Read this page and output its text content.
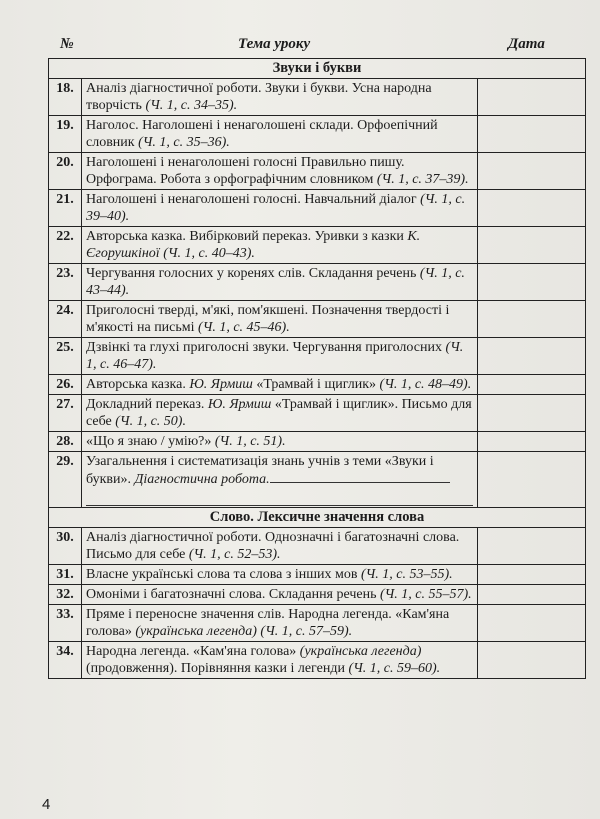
№	Тема уроку	Дата
Звуки і букви		
18.	Аналіз діагностичної роботи. Звуки і букви. Усна народна творчість (Ч. 1, с. 34–35).	
19.	Наголос. Наголошені і ненаголошені склади. Орфоепічний словник (Ч. 1, с. 35–36).	
20.	Наголошені і ненаголошені голосні Правильно пишу. Орфограма. Робота з орфографічним словником (Ч. 1, с. 37–39).	
21.	Наголошені і ненаголошені голосні. Навчальний діалог (Ч. 1, с. 39–40).	
22.	Авторська казка. Вибірковий переказ. Уривки з казки К. Єгорушкіної (Ч. 1, с. 40–43).	
23.	Чергування голосних у коренях слів. Складання речень (Ч. 1, с. 43–44).	
24.	Приголосні тверді, м'які, пом'якшені. Позначення твердості і м'якості на письмі (Ч. 1, с. 45–46).	
25.	Дзвінкі та глухі приголосні звуки. Чергування приголосних (Ч. 1, с. 46–47).	
26.	Авторська казка. Ю. Ярмиш «Трамвай і щиглик» (Ч. 1, с. 48–49).	
27.	Докладний переказ. Ю. Ярмиш «Трамвай і щиглик». Письмо для себе (Ч. 1, с. 50).	
28.	«Що я знаю / умію?» (Ч. 1, с. 51).	
29.	Узагальнення і систематизація знань учнів з теми «Звуки і букви». Діагностична робота.

Слово. Лексичне значення слова		
30.	Аналіз діагностичної роботи. Однозначні і багатозначні слова. Письмо для себе (Ч. 1, с. 52–53).	
31.	Власне українські слова та слова з інших мов (Ч. 1, с. 53–55).	
32.	Омоніми і багатозначні слова. Складання речень (Ч. 1, с. 55–57).	
33.	Пряме і переносне значення слів. Народна легенда. «Кам'яна голова» (українська легенда) (Ч. 1, с. 57–59).	
34.	Народна легенда. «Кам'яна голова» (українська легенда) (продовження). Порівняння казки і легенди (Ч. 1, с. 59–60).	
4
